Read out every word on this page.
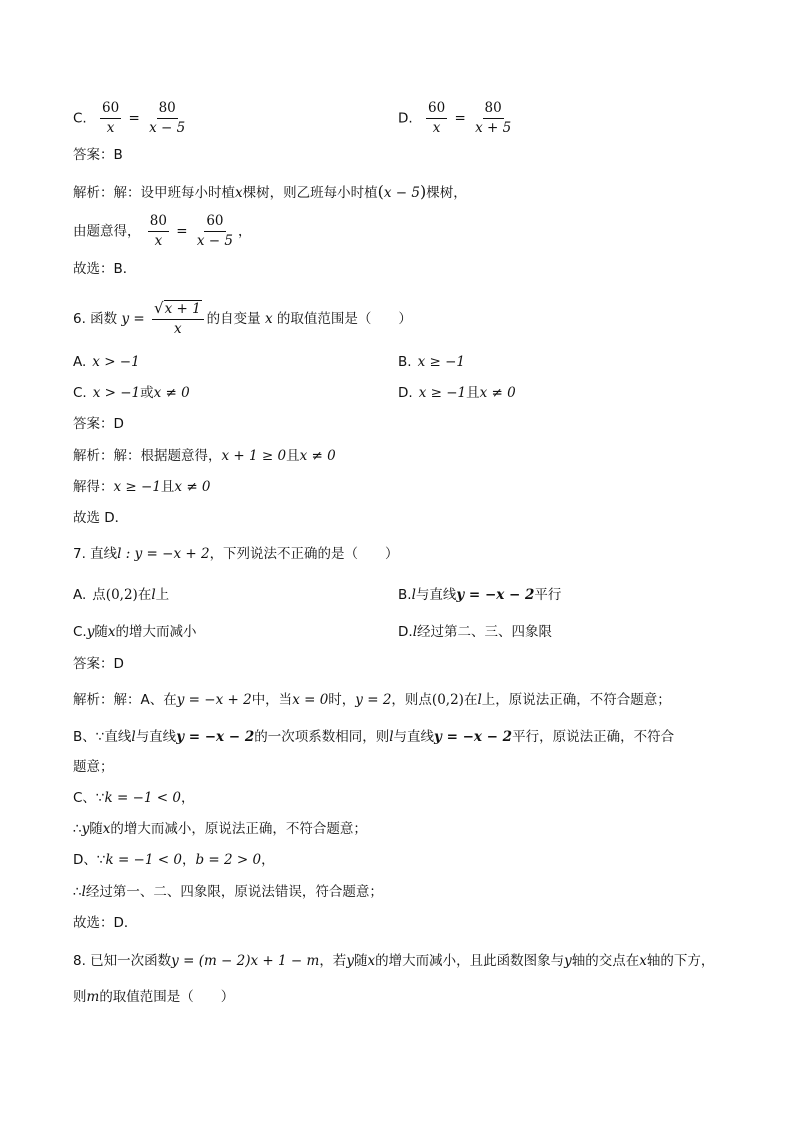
C. $\frac{60}{x} = \frac{80}{x - 5}$	D. $\frac{60}{x} = \frac{80}{x + 5}$
答案：B
解析：解：设甲班每小时植x棵树，则乙班每小时植(x − 5)棵树，
由题意得， $\frac{80}{x} = \frac{60}{x - 5}$ ，
故选：B．
6. 函数 $y = \frac{√ x + 1}{x}$ 的自变量 x 的取值范围是（　　）
A. x > −1	B. x ≥ −1
C. x > −1或x ≠ 0	D. x ≥ −1且x ≠ 0
答案：D
解析：解：根据题意得，x + 1 ≥ 0且x ≠ 0
解得：x ≥ −1且x ≠ 0
故选 D．
7. 直线l : y = −x + 2，下列说法不正确的是（　　）
A. 点(0,2)在l上	B.l与直线y = −x − 2平行
C.y随x的增大而减小	D.l经过第二、三、四象限
答案：D
解析：解：A、在y = −x + 2中，当x = 0时，y = 2，则点(0,2)在l上，原说法正确，不符合题意；
B、∵直线l与直线y = −x − 2的一次项系数相同，则l与直线y = −x − 2平行，原说法正确，不符合
题意；
C、∵k = −1 < 0，
∴y随x的增大而减小，原说法正确，不符合题意；
D、∵k = −1 < 0，b = 2 > 0，
∴l经过第一、二、四象限，原说法错误，符合题意；
故选：D．
8. 已知一次函数y = (m − 2)x + 1 − m，若y随x的增大而减小，且此函数图象与y轴的交点在x轴的下方，
则m的取值范围是（　　）
